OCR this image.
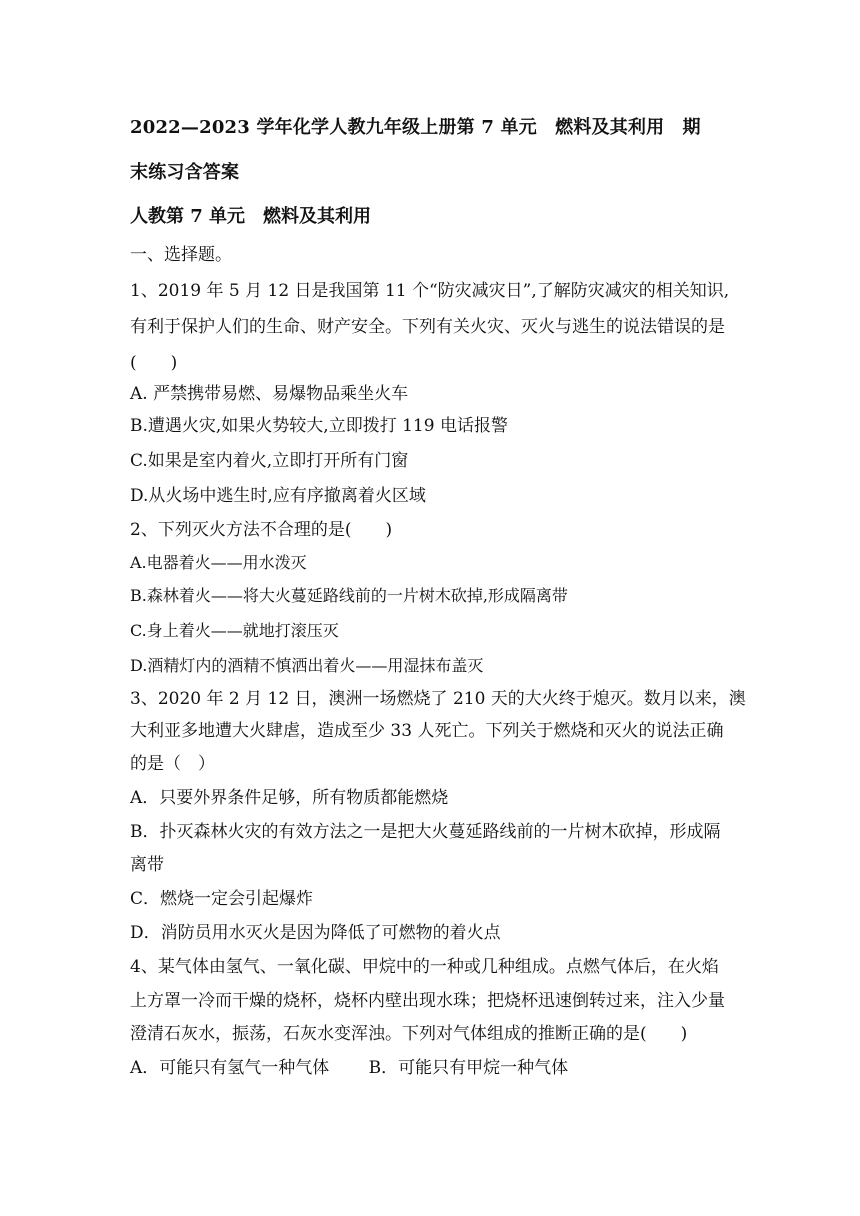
2022—2023 学年化学人教九年级上册第 7 单元　燃料及其利用　期
末练习含答案
人教第 7 单元　燃料及其利用
一、选择题。
1、2019 年 5 月 12 日是我国第 11 个“防灾减灾日”,了解防灾减灾的相关知识,
有利于保护人们的生命、财产安全。下列有关火灾、灭火与逃生的说法错误的是
(　　)
A. 严禁携带易燃、易爆物品乘坐火车
B.遭遇火灾,如果火势较大,立即拨打 119 电话报警
C.如果是室内着火,立即打开所有门窗
D.从火场中逃生时,应有序撤离着火区域
2、下列灭火方法不合理的是(　　)
A.电器着火——用水泼灭
B.森林着火——将大火蔓延路线前的一片树木砍掉,形成隔离带
C.身上着火——就地打滚压灭
D.酒精灯内的酒精不慎洒出着火——用湿抹布盖灭
3、2020 年 2 月 12 日，澳洲一场燃烧了 210 天的大火终于熄灭。数月以来，澳
大利亚多地遭大火肆虐，造成至少 33 人死亡。下列关于燃烧和灭火的说法正确
的是（　）
A．只要外界条件足够，所有物质都能燃烧
B．扑灭森林火灾的有效方法之一是把大火蔓延路线前的一片树木砍掉，形成隔
离带
C．燃烧一定会引起爆炸
D．消防员用水灭火是因为降低了可燃物的着火点
4、某气体由氢气、一氧化碳、甲烷中的一种或几种组成。点燃气体后，在火焰
上方罩一冷而干燥的烧杯，烧杯内壁出现水珠；把烧杯迅速倒转过来，注入少量
澄清石灰水，振荡，石灰水变浑浊。下列对气体组成的推断正确的是(　　)
A．可能只有氢气一种气体　　 B．可能只有甲烷一种气体
